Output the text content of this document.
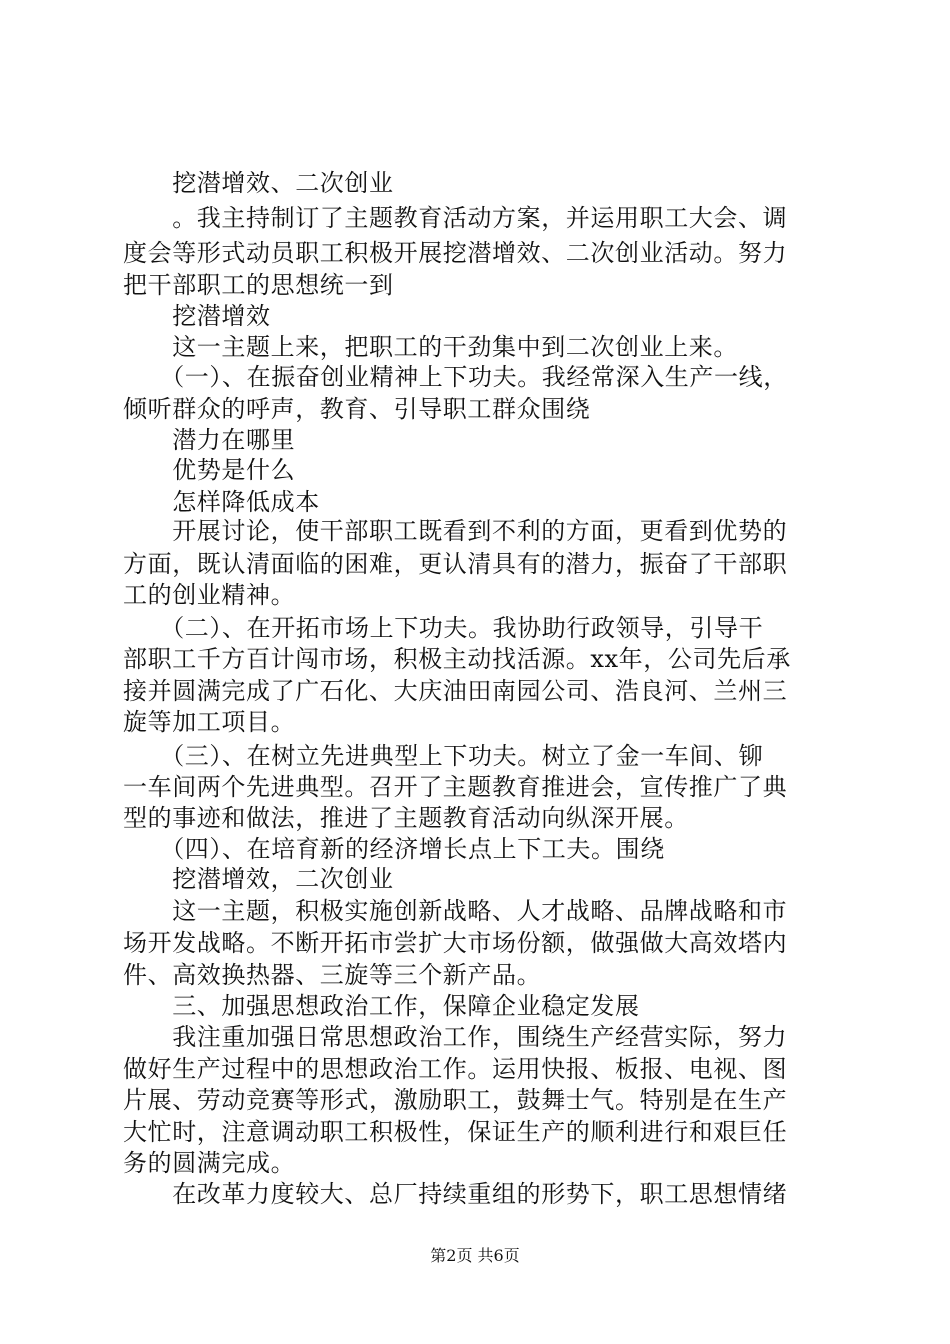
　　挖潜增效、二次创业
　　。我主持制订了主题教育活动方案，并运用职工大会、调
度会等形式动员职工积极开展挖潜增效、二次创业活动。努力
把干部职工的思想统一到
　　挖潜增效
　　这一主题上来，把职工的干劲集中到二次创业上来。
　　（一）、在振奋创业精神上下功夫。我经常深入生产一线，
倾听群众的呼声，教育、引导职工群众围绕
　　潜力在哪里
　　优势是什么
　　怎样降低成本
　　开展讨论，使干部职工既看到不利的方面，更看到优势的
方面，既认清面临的困难，更认清具有的潜力，振奋了干部职
工的创业精神。
　　（二）、在开拓市场上下功夫。我协助行政领导，引导干
部职工千方百计闯市场，积极主动找活源。xx年，公司先后承
接并圆满完成了广石化、大庆油田南园公司、浩良河、兰州三
旋等加工项目。
　　（三）、在树立先进典型上下功夫。树立了金一车间、铆
一车间两个先进典型。召开了主题教育推进会，宣传推广了典
型的事迹和做法，推进了主题教育活动向纵深开展。
　　（四）、在培育新的经济增长点上下工夫。围绕
　　挖潜增效，二次创业
　　这一主题，积极实施创新战略、人才战略、品牌战略和市
场开发战略。不断开拓市尝扩大市场份额，做强做大高效塔内
件、高效换热器、三旋等三个新产品。
　　三、加强思想政治工作，保障企业稳定发展
　　我注重加强日常思想政治工作，围绕生产经营实际，努力
做好生产过程中的思想政治工作。运用快报、板报、电视、图
片展、劳动竞赛等形式，激励职工，鼓舞士气。特别是在生产
大忙时，注意调动职工积极性，保证生产的顺利进行和艰巨任
务的圆满完成。
　　在改革力度较大、总厂持续重组的形势下，职工思想情绪
第2页 共6页
